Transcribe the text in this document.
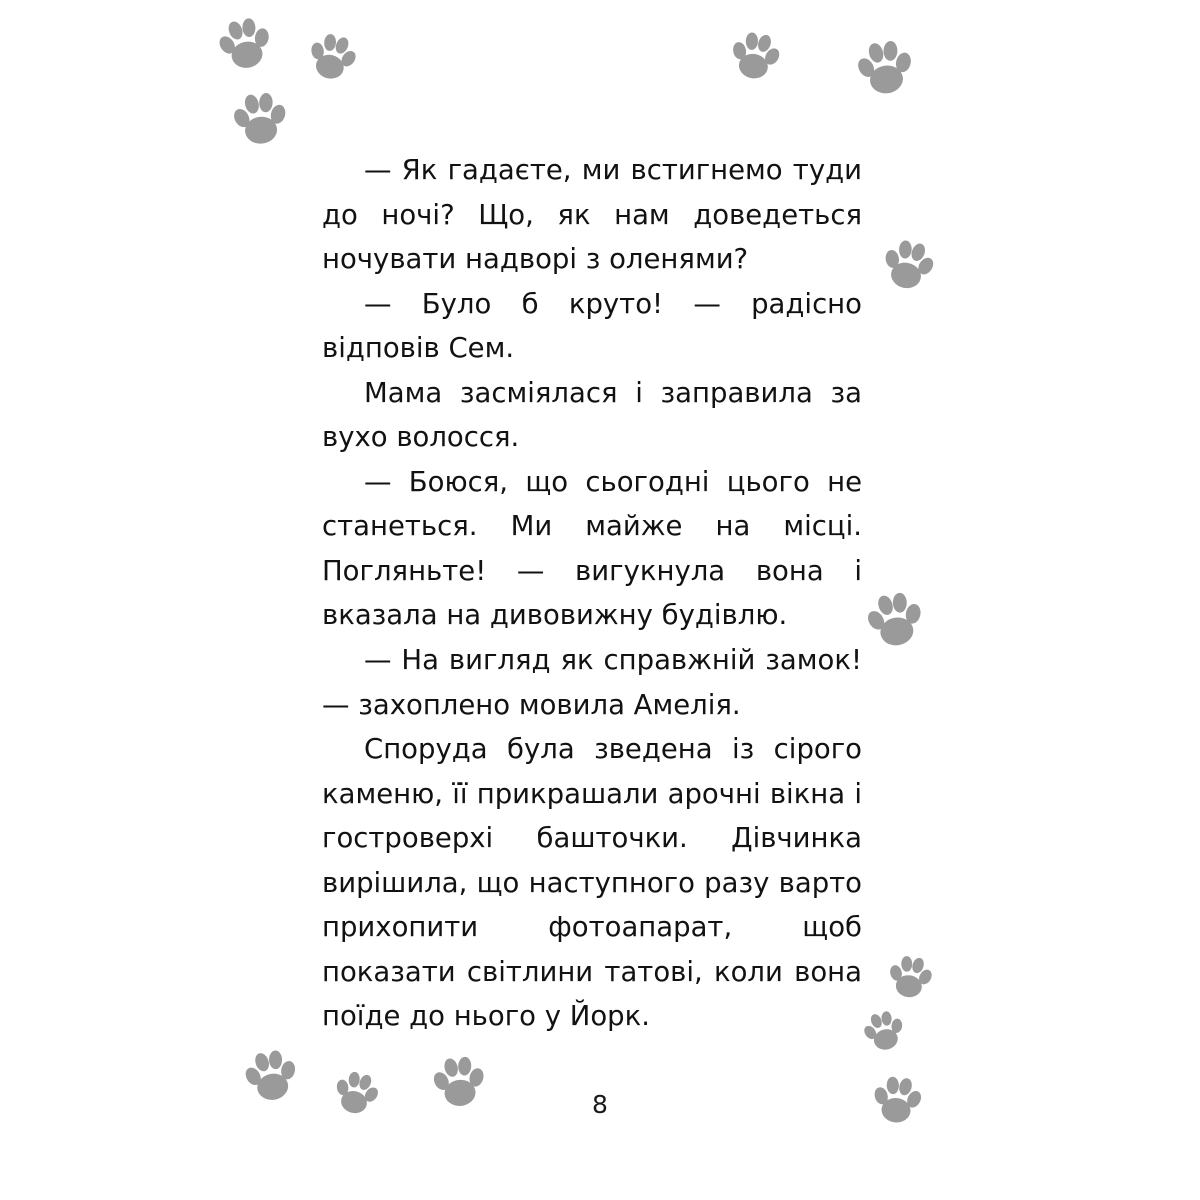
— Як гадаєте, ми встигнемо туди до ночі? Що, як нам доведеться ночувати надворі з оленями?

— Було б круто! — радісно відповів Сем.

Мама засміялася і заправила за вухо волосся.

— Боюся, що сьогодні цього не станеться. Ми майже на місці. Погляньте! — вигукнула вона і вказала на дивовижну будівлю.

— На вигляд як справжній замок! — захоплено мовила Амелія.

Споруда була зведена із сірого каменю, її прикрашали арочні вікна і гостроверхі башточки. Дівчинка вирішила, що наступного разу варто прихопити фотоапарат, щоб показати світлини татові, коли вона поїде до нього у Йорк.

8
